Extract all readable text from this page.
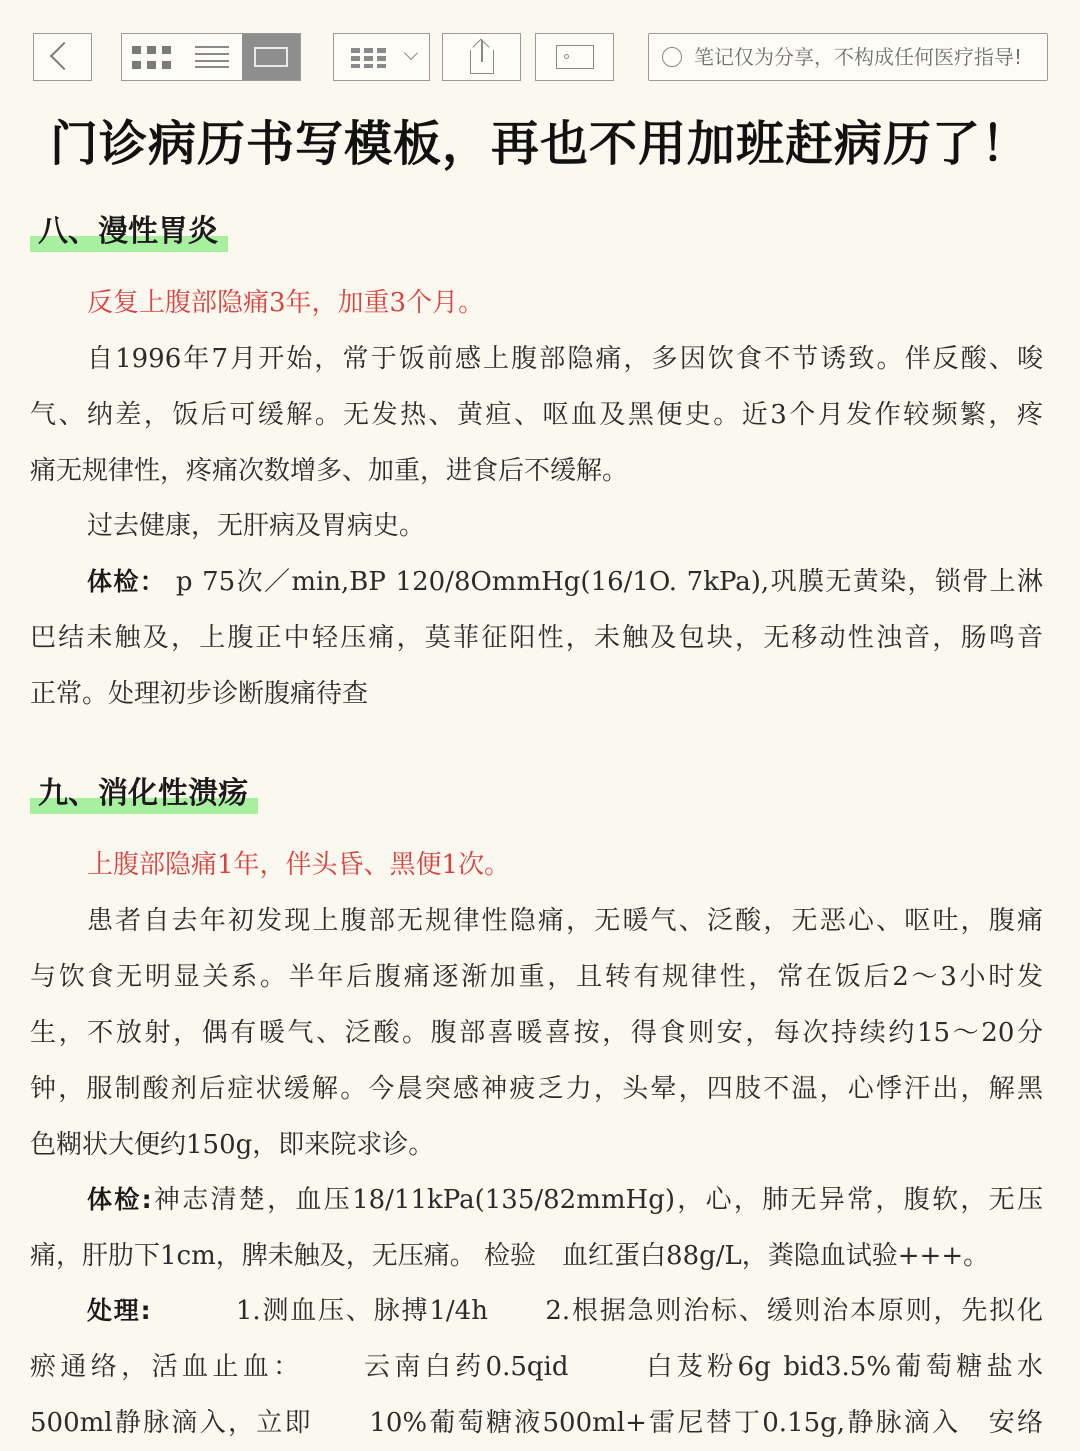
笔记仅为分享，不构成任何医疗指导!
门诊病历书写模板，再也不用加班赶病历了！
八、漫性胃炎
反复上腹部隐痛3年，加重3个月。
自1996年7月开始，常于饭前感上腹部隐痛，多因饮食不节诱致。伴反酸、唆
气、纳差，饭后可缓解。无发热、黄疸、呕血及黑便史。近3个月发作较频繁，疼
痛无规律性，疼痛次数增多、加重，进食后不缓解。
过去健康，无肝病及胃病史。
体检： p 75次／min,BP 120/8OmmHg(16/1O. 7kPa),巩膜无黄染，锁骨上淋
巴结未触及，上腹正中轻压痛，莫菲征阳性，未触及包块，无移动性浊音，肠鸣音
正常。处理初步诊断腹痛待查
九、消化性溃疡
上腹部隐痛1年，伴头昏、黑便1次。
患者自去年初发现上腹部无规律性隐痛，无暖气、泛酸，无恶心、呕吐，腹痛
与饮食无明显关系。半年后腹痛逐渐加重，且转有规律性，常在饭后2～3小时发
生，不放射，偶有暖气、泛酸。腹部喜暖喜按，得食则安，每次持续约15～20分
钟，服制酸剂后症状缓解。今晨突感神疲乏力，头晕，四肢不温，心悸汗出，解黑
色糊状大便约150g，即来院求诊。
体检:神志清楚，血压18/11kPa(135/82mmHg)，心，肺无异常，腹软，无压
痛，肝肋下1cm，脾未触及，无压痛。 检验　血红蛋白88g/L，粪隐血试验+++。
处理:　　　	1.测血压、脉搏1/4h　　2.根据急则治标、缓则治本原则，先拟化
瘀通络，活血止血：　　 云南白药0.5qid　　 白芨粉6g bid3.5%葡萄糖盐水
500ml静脉滴入，立即　　10%葡萄糖液500ml+雷尼替丁0.15g,静脉滴入　安络
